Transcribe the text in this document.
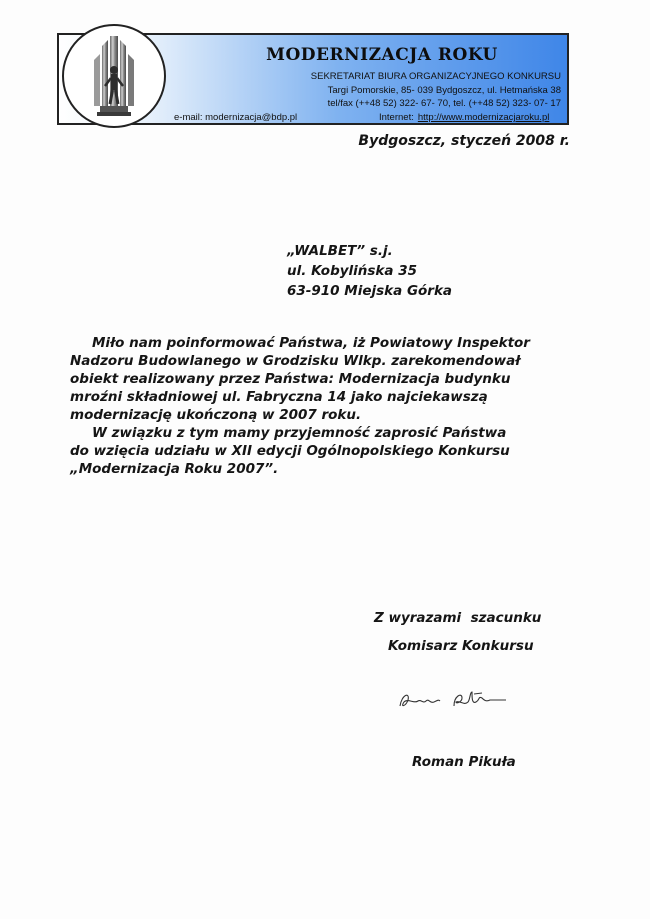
MODERNIZACJA ROKU
SEKRETARIAT BIURA ORGANIZACYJNEGO KONKURSU
Targi Pomorskie, 85- 039 Bydgoszcz, ul. Hetmańska 38
tel/fax (++48 52) 322- 67- 70, tel. (++48 52) 323- 07- 17
e-mail: modernizacja@bdp.pl	Internet: http://www.modernizacjaroku.pl
Bydgoszcz, styczeń 2008 r.
„WALBET” s.j.
ul. Kobylińska 35
63-910 Miejska Górka

Miło nam poinformować Państwa, iż Powiatowy Inspektor

Nadzoru Budowlanego w Grodzisku Wlkp. zarekomendował

obiekt realizowany przez Państwa: Modernizacja budynku

mroźni składniowej ul. Fabryczna 14 jako najciekawszą

modernizację ukończoną w 2007 roku.

W związku z tym mamy przyjemność zaprosić Państwa

do wzięcia udziału w XII edycji Ogólnopolskiego Konkursu

„Modernizacja Roku 2007”.

Z wyrazami  szacunku
Komisarz Konkursu
Roman Pikuła
